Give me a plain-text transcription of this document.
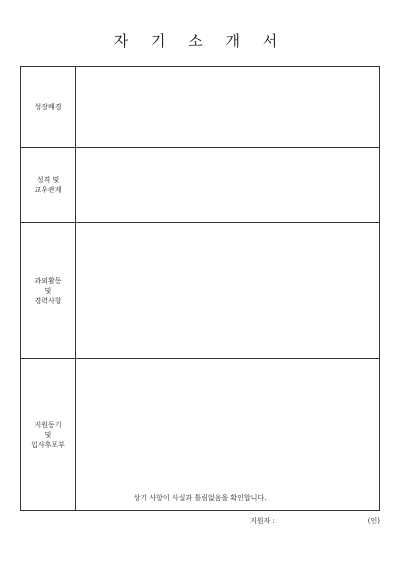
자 기 소 개 서
성장배경	

성격 및
교우관계	

과외활동
및
경력사항	

지원동기
및
입사후포부	

상기 사항이 사실과 틀림없음을 확인합니다.
지원자 :	(인)
